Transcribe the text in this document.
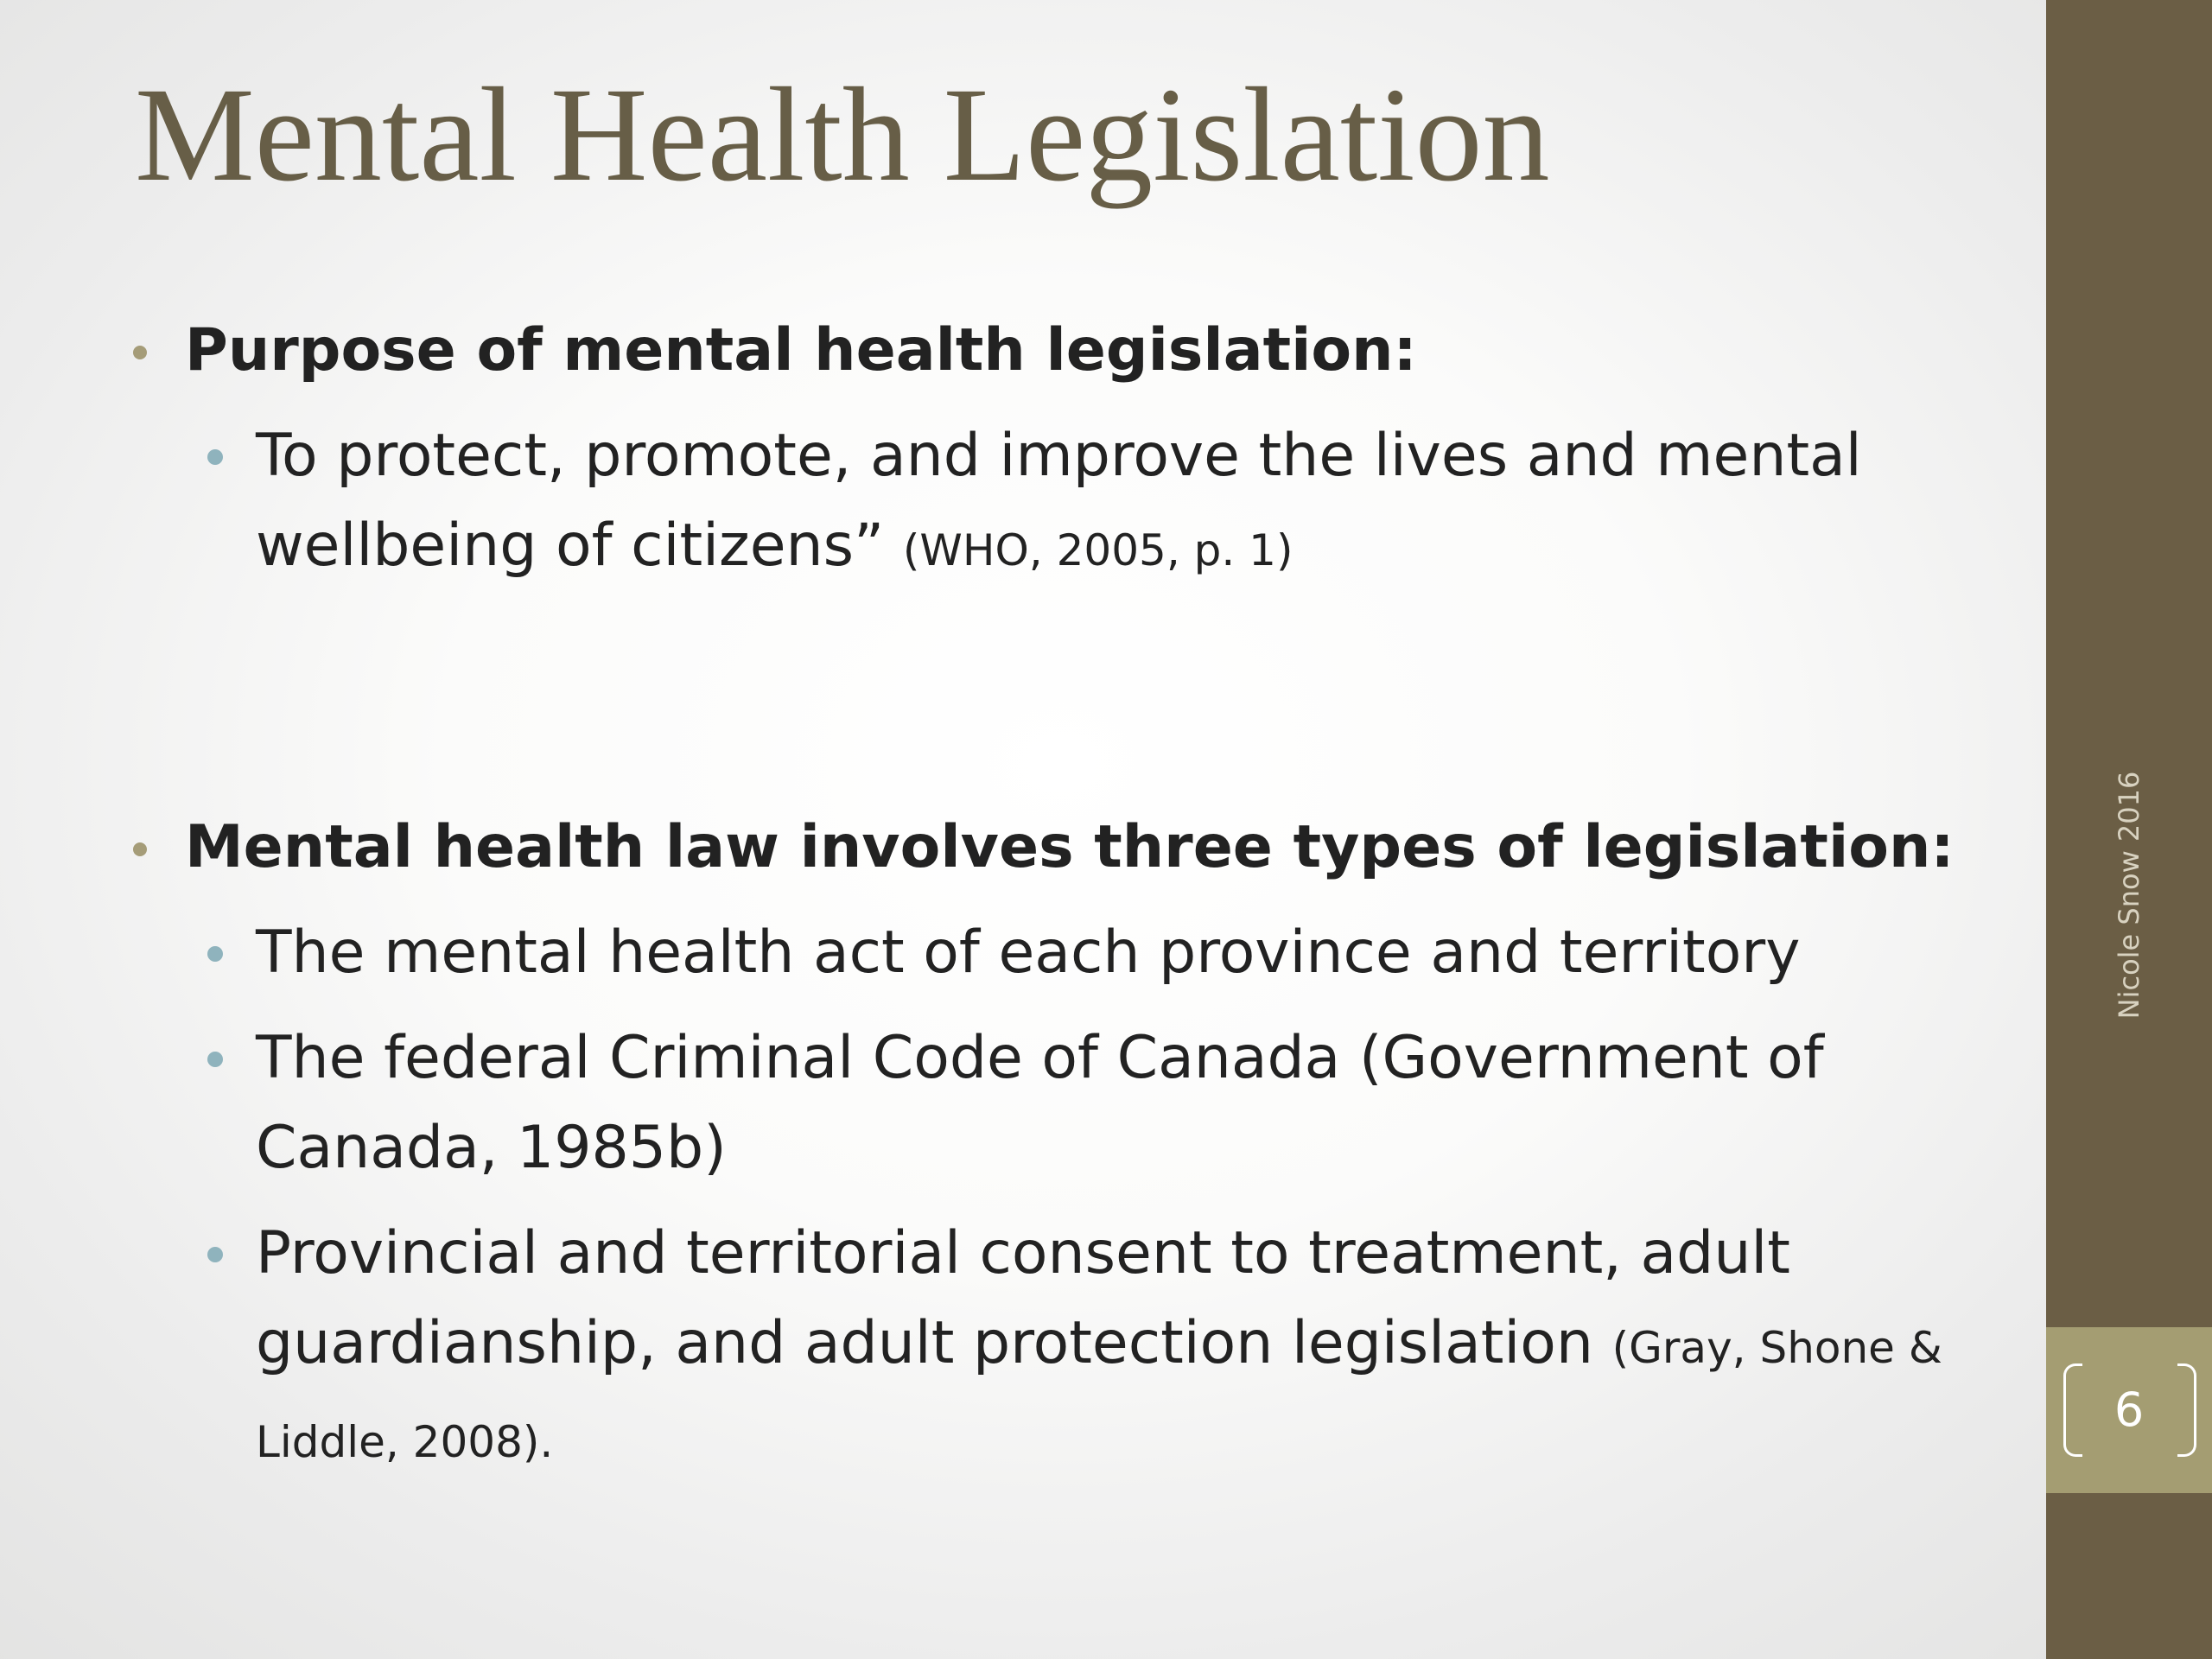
Mental Health Legislation
Purpose of mental health legislation:
To protect, promote, and improve the lives and mental wellbeing of citizens” (WHO, 2005, p. 1)
Mental health law involves three types of legislation:
The mental health act of each province and territory
The federal Criminal Code of Canada (Government of Canada, 1985b)
Provincial and territorial consent to treatment, adult guardianship, and adult protection legislation (Gray, Shone & Liddle, 2008).
Nicole Snow 2016
6
